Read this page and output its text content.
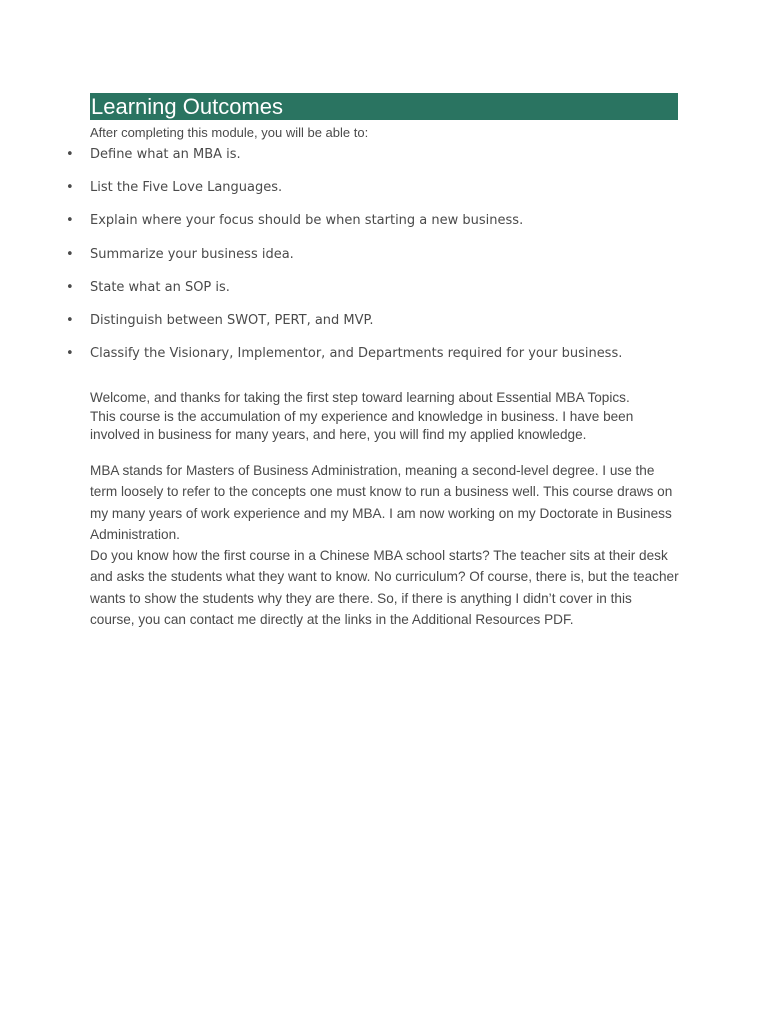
Learning Outcomes

After completing this module, you will be able to:

• Define what an MBA is.
• List the Five Love Languages.
• Explain where your focus should be when starting a new business.
• Summarize your business idea.
• State what an SOP is.
• Distinguish between SWOT, PERT, and MVP.
• Classify the Visionary, Implementor, and Departments required for your business.

Welcome, and thanks for taking the first step toward learning about Essential MBA Topics.

This course is the accumulation of my experience and knowledge in business. I have been involved in business for many years, and here, you will find my applied knowledge.

MBA stands for Masters of Business Administration, meaning a second-level degree. I use the term loosely to refer to the concepts one must know to run a business well. This course draws on my many years of work experience and my MBA. I am now working on my Doctorate in Business Administration.

Do you know how the first course in a Chinese MBA school starts? The teacher sits at their desk and asks the students what they want to know. No curriculum? Of course, there is, but the teacher wants to show the students why they are there. So, if there is anything I didn’t cover in this course, you can contact me directly at the links in the Additional Resources PDF.
